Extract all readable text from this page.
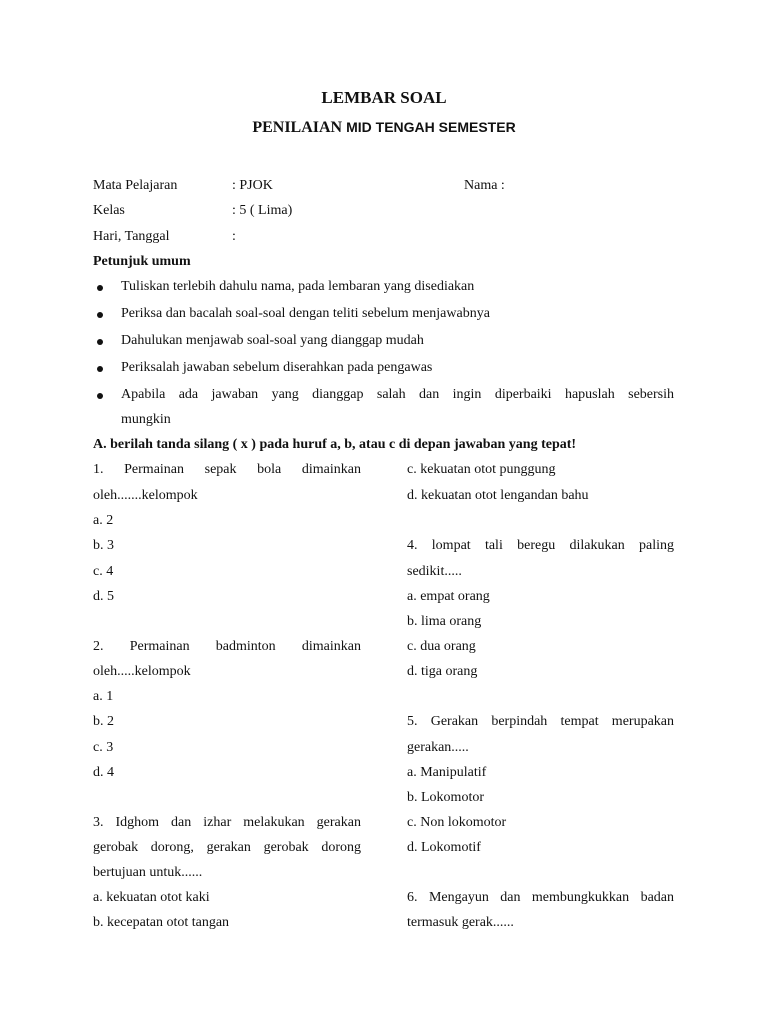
LEMBAR SOAL
PENILAIAN MID TENGAH SEMESTER
Mata Pelajaran	: PJOK	Nama :
Kelas	: 5 ( Lima)
Hari, Tanggal	:
Petunjuk umum
Tuliskan terlebih dahulu nama, pada lembaran yang disediakan
Periksa dan bacalah soal-soal dengan teliti sebelum menjawabnya
Dahulukan menjawab soal-soal yang dianggap mudah
Periksalah jawaban sebelum diserahkan pada pengawas
Apabila ada jawaban yang dianggap salah dan ingin diperbaiki hapuslah sebersih
mungkin
A. berilah tanda silang ( x ) pada huruf a, b, atau c di depan jawaban yang tepat!
1. Permainan sepak bola dimainkan
oleh.......kelompok
a. 2
b. 3
c. 4
d. 5
2. Permainan badminton dimainkan
oleh.....kelompok
a. 1
b. 2
c. 3
d. 4
3. Idghom dan izhar melakukan gerakan
gerobak dorong, gerakan gerobak dorong
bertujuan untuk......
a. kekuatan otot kaki
b. kecepatan otot tangan
c. kekuatan otot punggung
d. kekuatan otot lengandan bahu
4. lompat tali beregu dilakukan paling
sedikit.....
a. empat orang
b. lima orang
c. dua orang
d. tiga orang
5. Gerakan berpindah tempat merupakan
gerakan.....
a. Manipulatif
b. Lokomotor
c. Non lokomotor
d. Lokomotif
6. Mengayun dan membungkukkan badan
termasuk gerak......
